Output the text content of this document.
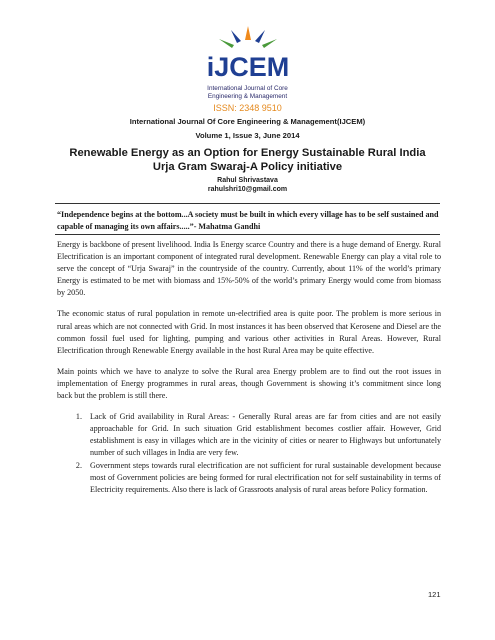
iJCEM
International Journal of Core
Engineering & Management
ISSN: 2348 9510
International Journal Of Core Engineering & Management(IJCEM)
Volume 1, Issue 3, June 2014
Renewable Energy as an Option for Energy Sustainable Rural India
Urja Gram Swaraj-A Policy initiative
Rahul Shrivastava
rahulshri10@gmail.com
“Independence begins at the bottom...A society must be built in which every village has to be self sustained and capable of managing its own affairs.....”- Mahatma Gandhi

Energy is backbone of present livelihood. India Is Energy scarce Country and there is a huge demand of Energy. Rural Electrification is an important component of integrated rural development. Renewable Energy can play a vital role to serve the concept of “Urja Swaraj” in the countryside of the country. Currently, about 11% of the world’s primary Energy is estimated to be met with biomass and 15%-50% of the world’s primary Energy would come from biomass by 2050.

The economic status of rural population in remote un-electrified area is quite poor. The problem is more serious in rural areas which are not connected with Grid. In most instances it has been observed that Kerosene and Diesel are the common fossil fuel used for lighting, pumping and various other activities in Rural Areas. However, Rural Electrification through Renewable Energy available in the host Rural Area may be quite effective.

Main points which we have to analyze to solve the Rural area Energy problem are to find out the root issues in implementation of Energy programmes in rural areas, though Government is showing it’s commitment since long back but the problem is still there.

1. Lack of Grid availability in Rural Areas: - Generally Rural areas are far from cities and are not easily approachable for Grid. In such situation Grid establishment becomes costlier affair. However, Grid establishment is easy in villages which are in the vicinity of cities or nearer to Highways but unfortunately number of such villages in India are very few.
2. Government steps towards rural electrification are not sufficient for rural sustainable development because most of Government policies are being formed for rural electrification not for self sustainability in terms of Electricity requirements. Also there is lack of Grassroots analysis of rural areas before Policy formation.
121
